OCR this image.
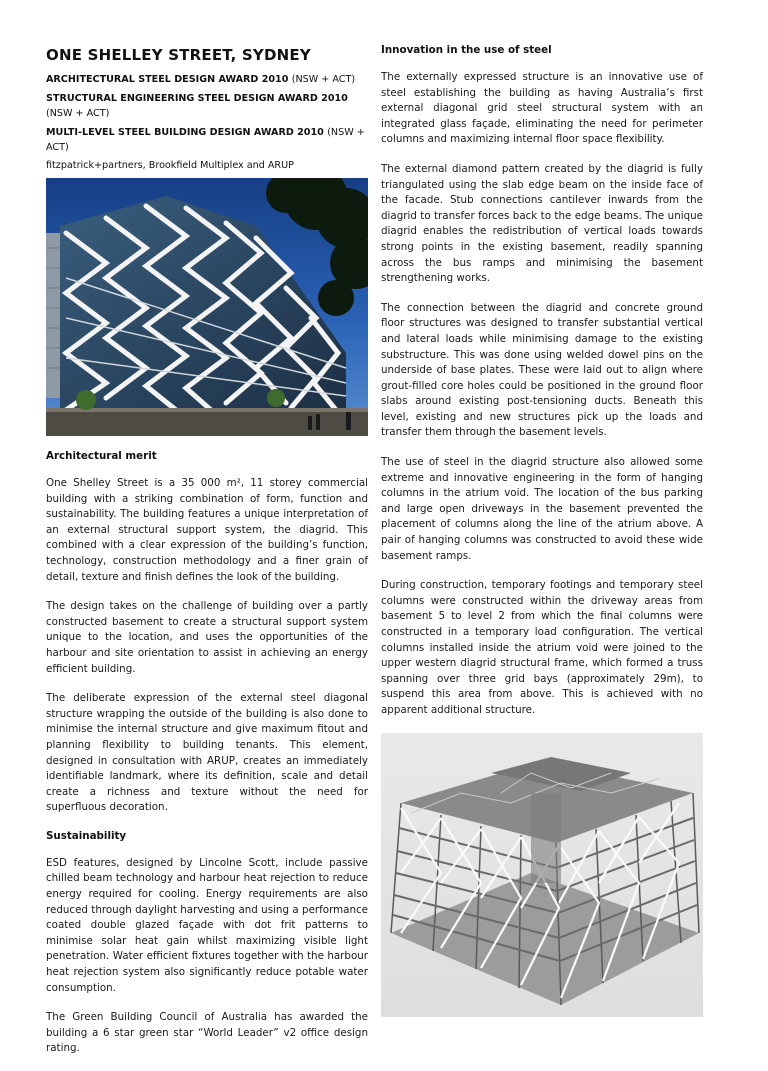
ONE SHELLEY STREET, SYDNEY
ARCHITECTURAL STEEL DESIGN AWARD 2010 (NSW + ACT)
STRUCTURAL ENGINEERING STEEL DESIGN AWARD 2010 (NSW + ACT)
MULTI-LEVEL STEEL BUILDING DESIGN AWARD 2010 (NSW + ACT)
fitzpatrick+partners, Brookfield Multiplex and ARUP
Architectural merit

One Shelley Street is a 35 000 m², 11 storey commercial building with a striking combination of form, function and sustainability. The building features a unique interpretation of an external structural support system, the diagrid. This combined with a clear expression of the building’s function, technology, construction methodology and a finer grain of detail, texture and finish defines the look of the building.

The design takes on the challenge of building over a partly constructed basement to create a structural support system unique to the location, and uses the opportunities of the harbour and site orientation to assist in achieving an energy efficient building.

The deliberate expression of the external steel diagonal structure wrapping the outside of the building is also done to minimise the internal structure and give maximum fitout and planning flexibility to building tenants. This element, designed in consultation with ARUP, creates an immediately identifiable landmark, where its definition, scale and detail create a richness and texture without the need for superfluous decoration.

Sustainability

ESD features, designed by Lincolne Scott, include passive chilled beam technology and harbour heat rejection to reduce energy required for cooling. Energy requirements are also reduced through daylight harvesting and using a performance coated double glazed façade with dot frit patterns to minimise solar heat gain whilst maximizing visible light penetration. Water efficient fixtures together with the harbour heat rejection system also significantly reduce potable water consumption.

The Green Building Council of Australia has awarded the building a 6 star green star “World Leader” v2 office design rating.

Innovation in the use of steel

The externally expressed structure is an innovative use of steel establishing the building as having Australia’s first external diagonal grid steel structural system with an integrated glass façade, eliminating the need for perimeter columns and maximizing internal floor space flexibility.

The external diamond pattern created by the diagrid is fully triangulated using the slab edge beam on the inside face of the facade. Stub connections cantilever inwards from the diagrid to transfer forces back to the edge beams. The unique diagrid enables the redistribution of vertical loads towards strong points in the existing basement, readily spanning across the bus ramps and minimising the basement strengthening works.

The connection between the diagrid and concrete ground floor structures was designed to transfer substantial vertical and lateral loads while minimising damage to the existing substructure. This was done using welded dowel pins on the underside of base plates. These were laid out to align where grout-filled core holes could be positioned in the ground floor slabs around existing post-tensioning ducts. Beneath this level, existing and new structures pick up the loads and transfer them through the basement levels.

The use of steel in the diagrid structure also allowed some extreme and innovative engineering in the form of hanging columns in the atrium void. The location of the bus parking and large open driveways in the basement prevented the placement of columns along the line of the atrium above. A pair of hanging columns was constructed to avoid these wide basement ramps.

During construction, temporary footings and temporary steel columns were constructed within the driveway areas from basement 5 to level 2 from which the final columns were constructed in a temporary load configuration. The vertical columns installed inside the atrium void were joined to the upper western diagrid structural frame, which formed a truss spanning over three grid bays (approximately 29m), to suspend this area from above. This is achieved with no apparent additional structure.
